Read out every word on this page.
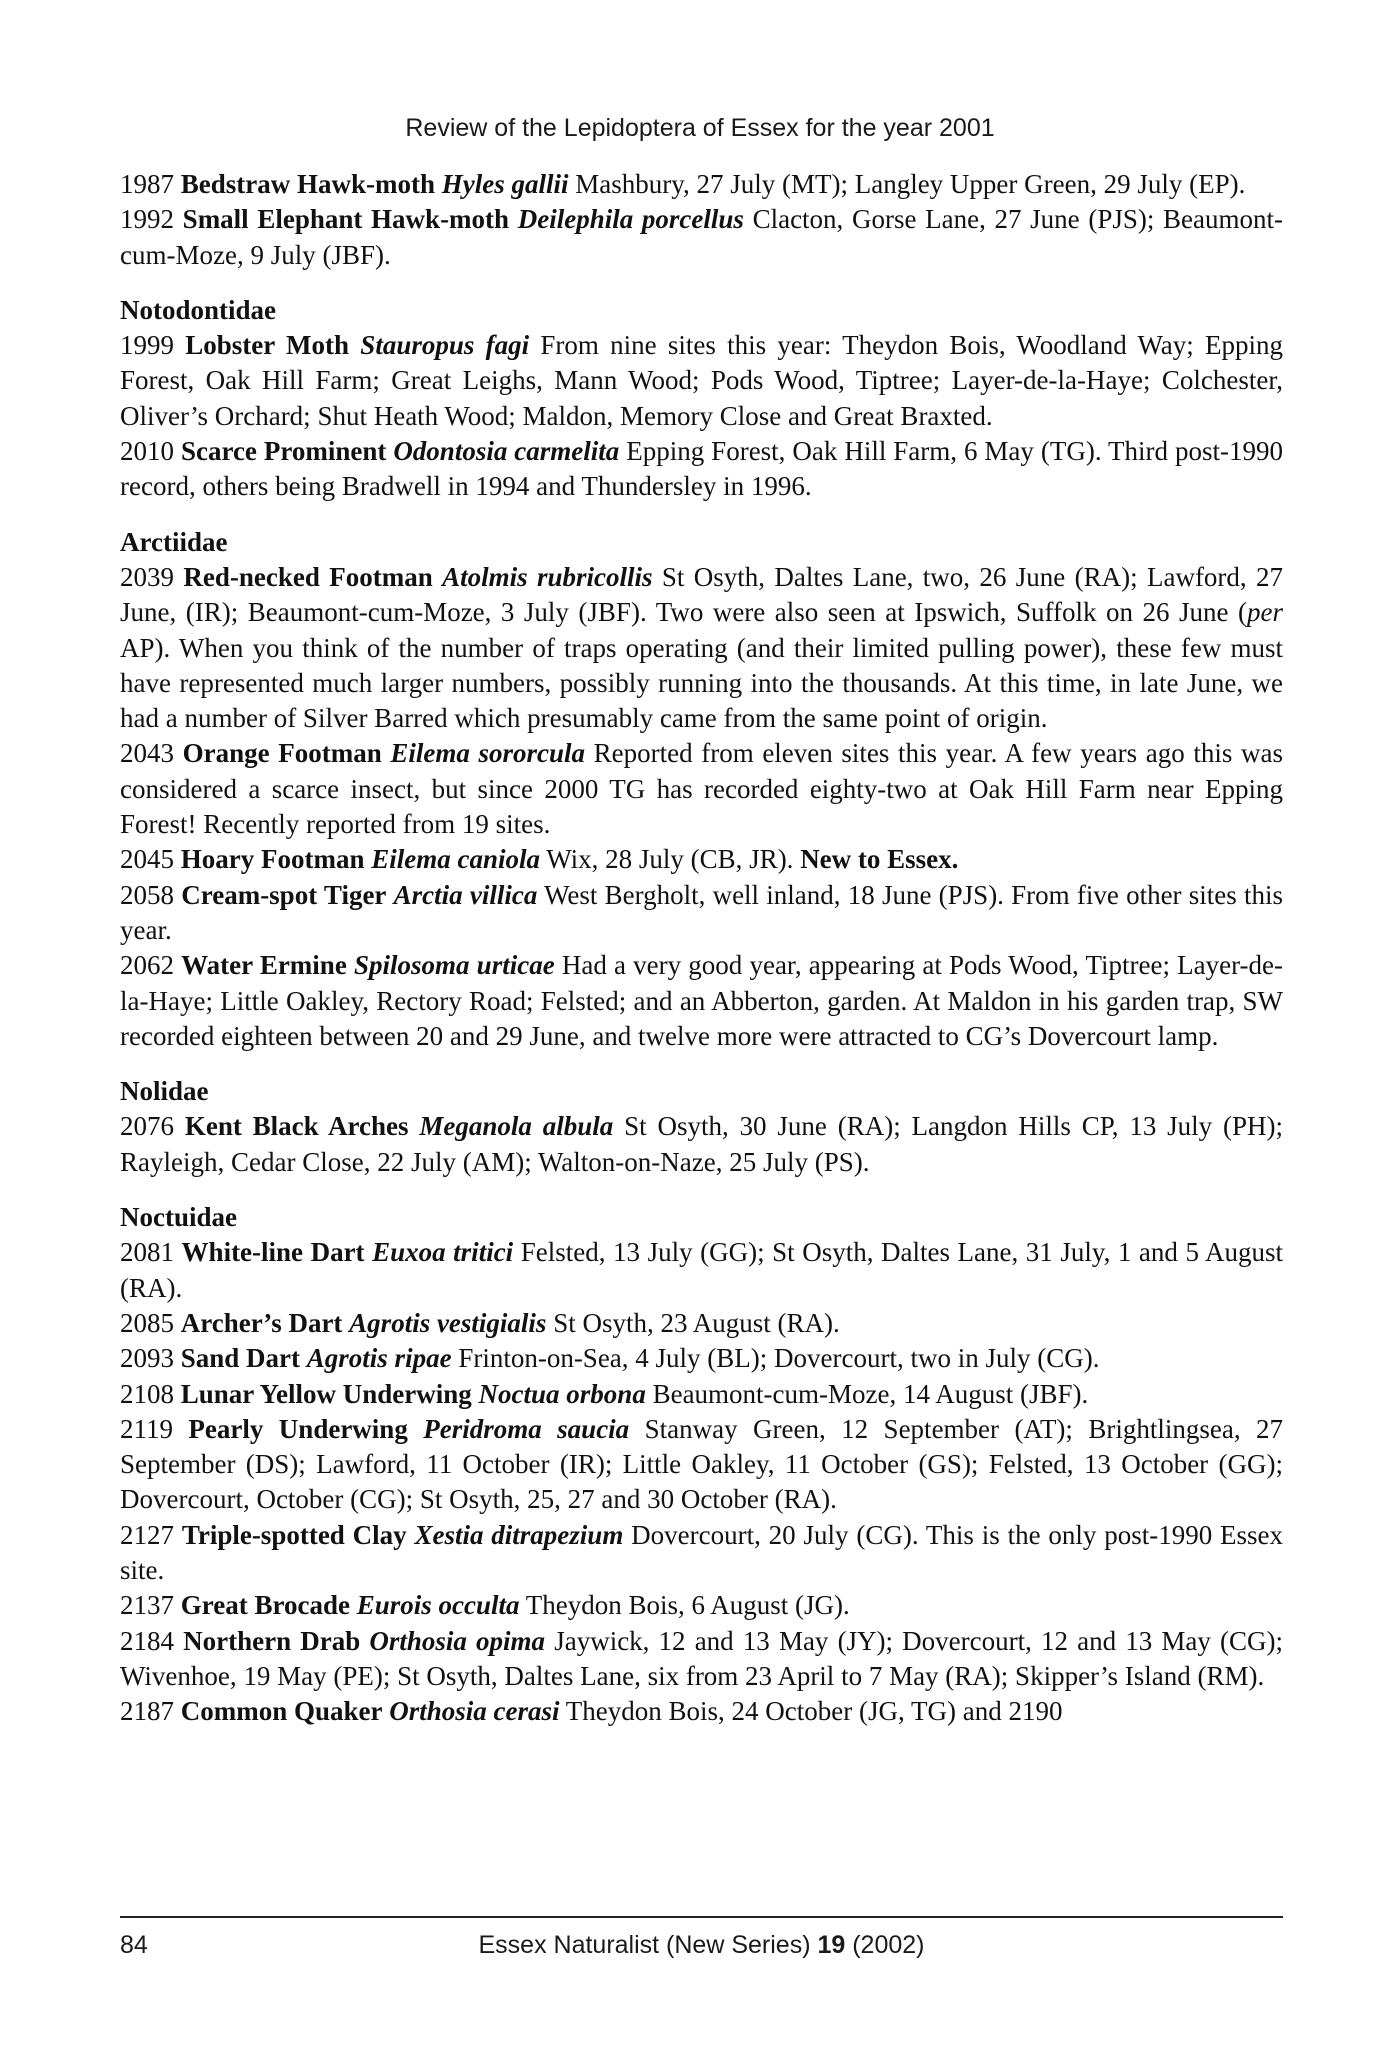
Review of the Lepidoptera of Essex for the year 2001

1987 Bedstraw Hawk-moth Hyles gallii Mashbury, 27 July (MT); Langley Upper Green, 29 July (EP).

1992 Small Elephant Hawk-moth Deilephila porcellus Clacton, Gorse Lane, 27 June (PJS); Beaumont-cum-Moze, 9 July (JBF).

Notodontidae

1999 Lobster Moth Stauropus fagi From nine sites this year: Theydon Bois, Woodland Way; Epping Forest, Oak Hill Farm; Great Leighs, Mann Wood; Pods Wood, Tiptree; Layer-de-la-Haye; Colchester, Oliver’s Orchard; Shut Heath Wood; Maldon, Memory Close and Great Braxted.

2010 Scarce Prominent Odontosia carmelita Epping Forest, Oak Hill Farm, 6 May (TG). Third post-1990 record, others being Bradwell in 1994 and Thundersley in 1996.

Arctiidae

2039 Red-necked Footman Atolmis rubricollis St Osyth, Daltes Lane, two, 26 June (RA); Lawford, 27 June, (IR); Beaumont-cum-Moze, 3 July (JBF). Two were also seen at Ipswich, Suffolk on 26 June (per AP). When you think of the number of traps operating (and their limited pulling power), these few must have represented much larger numbers, possibly running into the thousands. At this time, in late June, we had a number of Silver Barred which presumably came from the same point of origin.

2043 Orange Footman Eilema sororcula Reported from eleven sites this year. A few years ago this was considered a scarce insect, but since 2000 TG has recorded eighty-two at Oak Hill Farm near Epping Forest! Recently reported from 19 sites.

2045 Hoary Footman Eilema caniola Wix, 28 July (CB, JR). New to Essex.

2058 Cream-spot Tiger Arctia villica West Bergholt, well inland, 18 June (PJS). From five other sites this year.

2062 Water Ermine Spilosoma urticae Had a very good year, appearing at Pods Wood, Tiptree; Layer-de-la-Haye; Little Oakley, Rectory Road; Felsted; and an Abberton, garden. At Maldon in his garden trap, SW recorded eighteen between 20 and 29 June, and twelve more were attracted to CG’s Dovercourt lamp.

Nolidae

2076 Kent Black Arches Meganola albula St Osyth, 30 June (RA); Langdon Hills CP, 13 July (PH); Rayleigh, Cedar Close, 22 July (AM); Walton-on-Naze, 25 July (PS).

Noctuidae

2081 White-line Dart Euxoa tritici Felsted, 13 July (GG); St Osyth, Daltes Lane, 31 July, 1 and 5 August (RA).

2085 Archer’s Dart Agrotis vestigialis St Osyth, 23 August (RA).

2093 Sand Dart Agrotis ripae Frinton-on-Sea, 4 July (BL); Dovercourt, two in July (CG).

2108 Lunar Yellow Underwing Noctua orbona Beaumont-cum-Moze, 14 August (JBF).

2119 Pearly Underwing Peridroma saucia Stanway Green, 12 September (AT); Brightlingsea, 27 September (DS); Lawford, 11 October (IR); Little Oakley, 11 October (GS); Felsted, 13 October (GG); Dovercourt, October (CG); St Osyth, 25, 27 and 30 October (RA).

2127 Triple-spotted Clay Xestia ditrapezium Dovercourt, 20 July (CG). This is the only post-1990 Essex site.

2137 Great Brocade Eurois occulta Theydon Bois, 6 August (JG).

2184 Northern Drab Orthosia opima Jaywick, 12 and 13 May (JY); Dovercourt, 12 and 13 May (CG); Wivenhoe, 19 May (PE); St Osyth, Daltes Lane, six from 23 April to 7 May (RA); Skipper’s Island (RM).

2187 Common Quaker Orthosia cerasi Theydon Bois, 24 October (JG, TG) and 2190

84	Essex Naturalist (New Series) 19 (2002)
